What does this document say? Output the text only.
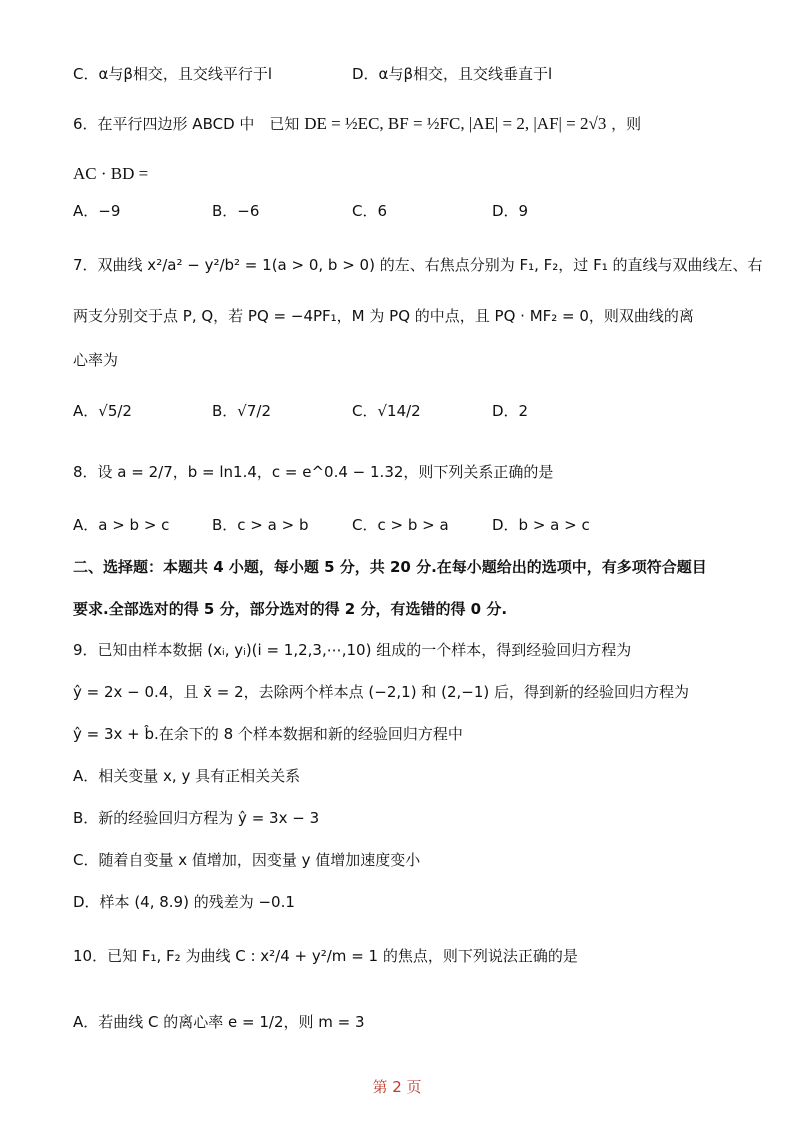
C．α与β相交，且交线平行于l	D．α与β相交，且交线垂直于l
6．在平行四边形 ABCD 中　已知 DE = ½EC, BF = ½FC, |AE| = 2, |AF| = 2√3 ，则
AC · BD =
A．−9	B．−6	C．6	D．9
7．双曲线 x²/a² − y²/b² = 1(a > 0, b > 0) 的左、右焦点分别为 F₁, F₂，过 F₁ 的直线与双曲线左、右
两支分别交于点 P, Q，若 PQ = −4PF₁，M 为 PQ 的中点，且 PQ · MF₂ = 0，则双曲线的离
心率为
A．√5/2	B．√7/2	C．√14/2	D．2
8．设 a = 2/7，b = ln1.4，c = e^0.4 − 1.32，则下列关系正确的是
A．a > b > c	B．c > a > b	C．c > b > a	D．b > a > c
二、选择题：本题共 4 小题，每小题 5 分，共 20 分.在每小题给出的选项中，有多项符合题目
要求.全部选对的得 5 分，部分选对的得 2 分，有选错的得 0 分.
9．已知由样本数据 (xᵢ, yᵢ)(i = 1,2,3,⋯,10) 组成的一个样本，得到经验回归方程为
ŷ = 2x − 0.4，且 x̄ = 2，去除两个样本点 (−2,1) 和 (2,−1) 后，得到新的经验回归方程为
ŷ = 3x + b̂.在余下的 8 个样本数据和新的经验回归方程中
A．相关变量 x, y 具有正相关关系
B．新的经验回归方程为 ŷ = 3x − 3
C．随着自变量 x 值增加，因变量 y 值增加速度变小
D．样本 (4, 8.9) 的残差为 −0.1
10．已知 F₁, F₂ 为曲线 C : x²/4 + y²/m = 1 的焦点，则下列说法正确的是
A．若曲线 C 的离心率 e = 1/2，则 m = 3
第 2 页
